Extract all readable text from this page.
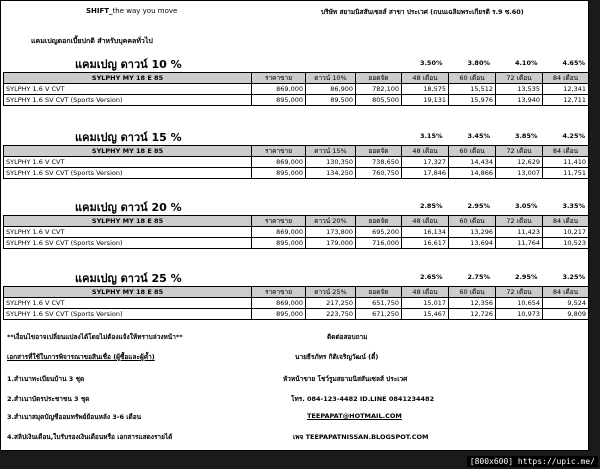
SHIFT_the way you move	บริษัท สยามนิสสันเซลส์ สาขา ประเวศ (ถนนเฉลิมพระเกียรติ ร.9 ซ.60)
แคมเปญดอกเบี้ยปกติ สำหรับบุคคลทั่วไป
แคมเปญ ดาวน์ 10 %	3.50%	3.80%	4.10%	4.65%
SYLPHY MY 18 E 85	ราคาขาย	ดาวน์ 10%	ยอดจัด	48 เดือน	60 เดือน	72 เดือน	84 เดือน
SYLPHY 1.6 V CVT	869,000	86,900	782,100	18,575	15,512	13,535	12,341
SYLPHY 1.6 SV CVT (Sports Version)	895,000	89,500	805,500	19,131	15,976	13,940	12,711
แคมเปญ ดาวน์ 15 %	3.15%	3.45%	3.85%	4.25%
SYLPHY MY 18 E 85	ราคาขาย	ดาวน์ 15%	ยอดจัด	48 เดือน	60 เดือน	72 เดือน	84 เดือน
SYLPHY 1.6 V CVT	869,000	130,350	738,650	17,327	14,434	12,629	11,410
SYLPHY 1.6 SV CVT (Sports Version)	895,000	134,250	760,750	17,846	14,866	13,007	11,751
แคมเปญ ดาวน์ 20 %	2.85%	2.95%	3.05%	3.35%
SYLPHY MY 18 E 85	ราคาขาย	ดาวน์ 20%	ยอดจัด	48 เดือน	60 เดือน	72 เดือน	84 เดือน
SYLPHY 1.6 V CVT	869,000	173,800	695,200	16,134	13,296	11,423	10,217
SYLPHY 1.6 SV CVT (Sports Version)	895,000	179,000	716,000	16,617	13,694	11,764	10,523
แคมเปญ ดาวน์ 25 %	2.65%	2.75%	2.95%	3.25%
SYLPHY MY 18 E 85	ราคาขาย	ดาวน์ 25%	ยอดจัด	48 เดือน	60 เดือน	72 เดือน	84 เดือน
SYLPHY 1.6 V CVT	869,000	217,250	651,750	15,017	12,356	10,654	9,524
SYLPHY 1.6 SV CVT (Sports Version)	895,000	223,750	671,250	15,467	12,726	10,973	9,809
**เงื่อนไขอาจเปลี่ยนแปลงได้โดยไม่ต้องแจ้งให้ทราบล่วงหน้า**
เอกสารที่ใช้ในการพิจารณาขอสินเชื่อ (ผู้ซื้อและผู้ค้ำ)
1.สำเนาทะเบียนบ้าน 3 ชุด
2.สำเนาบัตรประชาชน 3 ชุด
3.สำเนาสมุดบัญชีออมทรัพย์ย้อนหลัง 3-6 เดือน
4.สลิปเงินเดือน,ใบรับรองเงินเดือนหรือ เอกสารแสดงรายได้
ติดต่อสอบถาม
นายธีรภัทร กิติเจริญวัฒน์ (ตี๋)
หัวหน้าขาย โชว์รูมสยามนิสสันเซลส์ ประเวศ
โทร. 084-123-4482 ID.LINE 0841234482
TEEPAPAT@HOTMAIL.COM
เพจ TEEPAPATNISSAN.BLOGSPOT.COM
[800x600] https://upic.me/
